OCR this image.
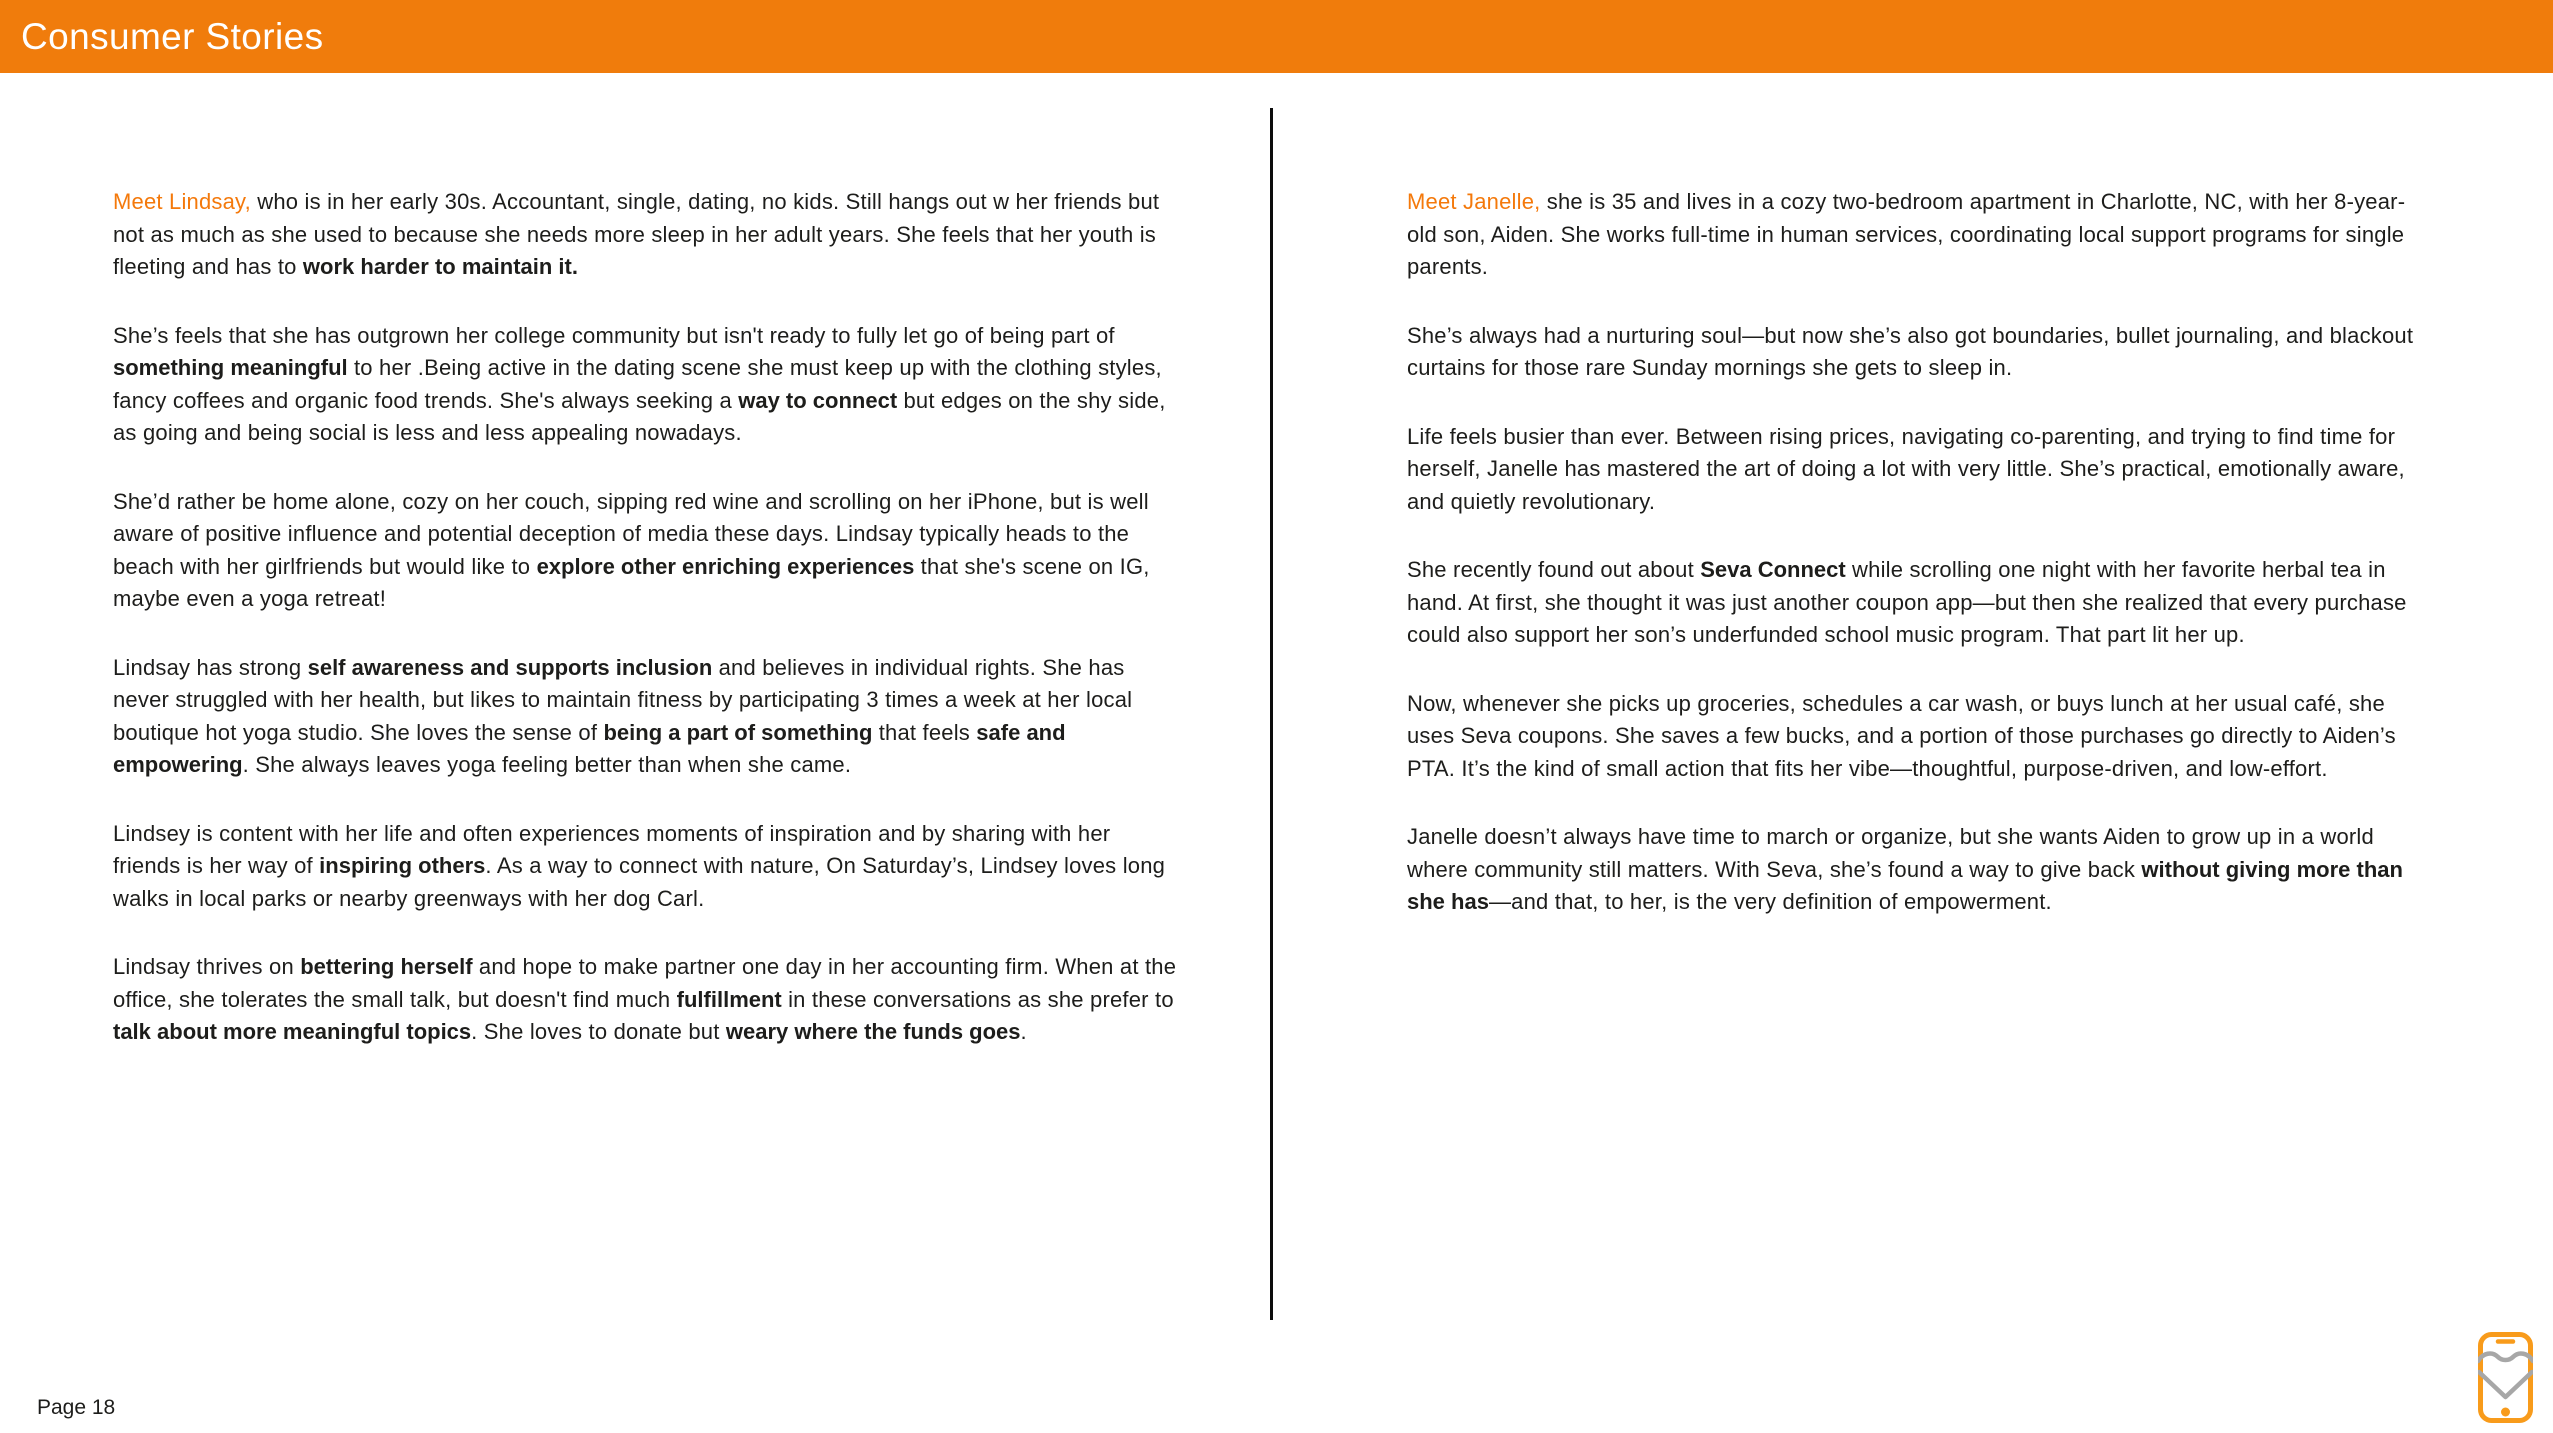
Consumer Stories

Meet Lindsay, who is in her early 30s. Accountant, single, dating, no kids. Still hangs out w her friends but not as much as she used to because she needs more sleep in her adult years. She feels that her youth is fleeting and has to work harder to maintain it.

She’s feels that she has outgrown her college community but isn't ready to fully let go of being part of something meaningful to her .Being active in the dating scene she must keep up with the clothing styles, fancy coffees and organic food trends. She's always seeking a way to connect but edges on the shy side, as going and being social is less and less appealing nowadays.

She’d rather be home alone, cozy on her couch, sipping red wine and scrolling on her iPhone, but is well aware of positive influence and potential deception of media these days. Lindsay typically heads to the beach with her girlfriends but would like to explore other enriching experiences that she's scene on IG, maybe even a yoga retreat!

Lindsay has strong self awareness and supports inclusion and believes in individual rights. She has never struggled with her health, but likes to maintain fitness by participating 3 times a week at her local boutique hot yoga studio. She loves the sense of being a part of something that feels safe and empowering. She always leaves yoga feeling better than when she came.

Lindsey is content with her life and often experiences moments of inspiration and by sharing with her friends is her way of inspiring others. As a way to connect with nature, On Saturday’s, Lindsey loves long walks in local parks or nearby greenways with her dog Carl.

Lindsay thrives on bettering herself and hope to make partner one day in her accounting firm. When at the office, she tolerates the small talk, but doesn't find much fulfillment in these conversations as she prefer to talk about more meaningful topics. She loves to donate but weary where the funds goes.

Meet Janelle, she is 35 and lives in a cozy two-bedroom apartment in Charlotte, NC, with her 8-year-old son, Aiden. She works full-time in human services, coordinating local support programs for single parents.

She’s always had a nurturing soul—but now she’s also got boundaries, bullet journaling, and blackout curtains for those rare Sunday mornings she gets to sleep in.

Life feels busier than ever. Between rising prices, navigating co-parenting, and trying to find time for herself, Janelle has mastered the art of doing a lot with very little. She’s practical, emotionally aware, and quietly revolutionary.

She recently found out about Seva Connect while scrolling one night with her favorite herbal tea in hand. At first, she thought it was just another coupon app—but then she realized that every purchase could also support her son’s underfunded school music program. That part lit her up.

Now, whenever she picks up groceries, schedules a car wash, or buys lunch at her usual café, she uses Seva coupons. She saves a few bucks, and a portion of those purchases go directly to Aiden’s PTA. It’s the kind of small action that fits her vibe—thoughtful, purpose-driven, and low-effort.

Janelle doesn’t always have time to march or organize, but she wants Aiden to grow up in a world where community still matters. With Seva, she’s found a way to give back without giving more than she has—and that, to her, is the very definition of empowerment.

Page 18
